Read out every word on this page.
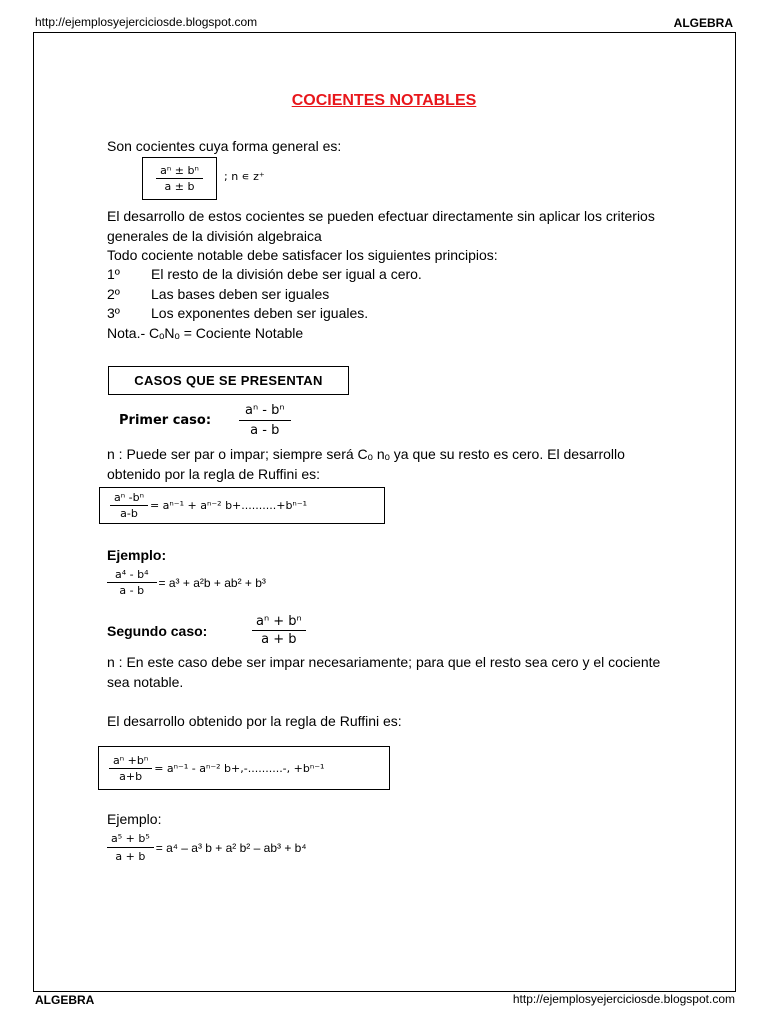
http://ejemplosyejerciciosde.blogspot.com	ALGEBRA
COCIENTES NOTABLES
Son cocientes cuya forma general es:
$\frac{\text{aⁿ ± bⁿ}}{a \pm b}$ ; n ∊ z⁺
El desarrollo de estos cocientes se pueden efectuar directamente sin aplicar los criterios generales de la división algebraica
Todo cociente notable debe satisfacer los siguientes principios:
1º El resto de la división debe ser igual a cero.
2º Las bases deben ser iguales
3º Los exponentes deben ser iguales.
Nota.- CₒNₒ = Cociente Notable
CASOS QUE SE PRESENTAN
Primer caso: $\frac{\text{aⁿ - bⁿ}}{a - b}$
n : Puede ser par o impar; siempre será Cₒ nₒ ya que su resto es cero. El desarrollo obtenido por la regla de Ruffini es:
$\frac{\text{aⁿ -bⁿ}}{a-b} = a^{n-1} + a^{n-2}$ b+..........+bⁿ⁻¹
Ejemplo:
$\frac{\text{a⁴ - b⁴}}{a - b} = a^3 + a^2b + ab^2 + b^3$
Segundo caso:	$\frac{\text{aⁿ + bⁿ}}{a + b}$
n : En este caso debe ser impar necesariamente; para que el resto sea cero y el cociente sea notable.
El desarrollo obtenido por la regla de Ruffini es:
$\frac{\text{aⁿ +bⁿ}}{a+b} = a^{n-1} - a^{n-2}$ b+,-..........-, +bⁿ⁻¹
Ejemplo:
$\frac{\text{a⁵ + b⁵}}{a + b} = a^4 - a^3$ b + a² b² – ab³ + b⁴
ALGEBRA	http://ejemplosyejerciciosde.blogspot.com
